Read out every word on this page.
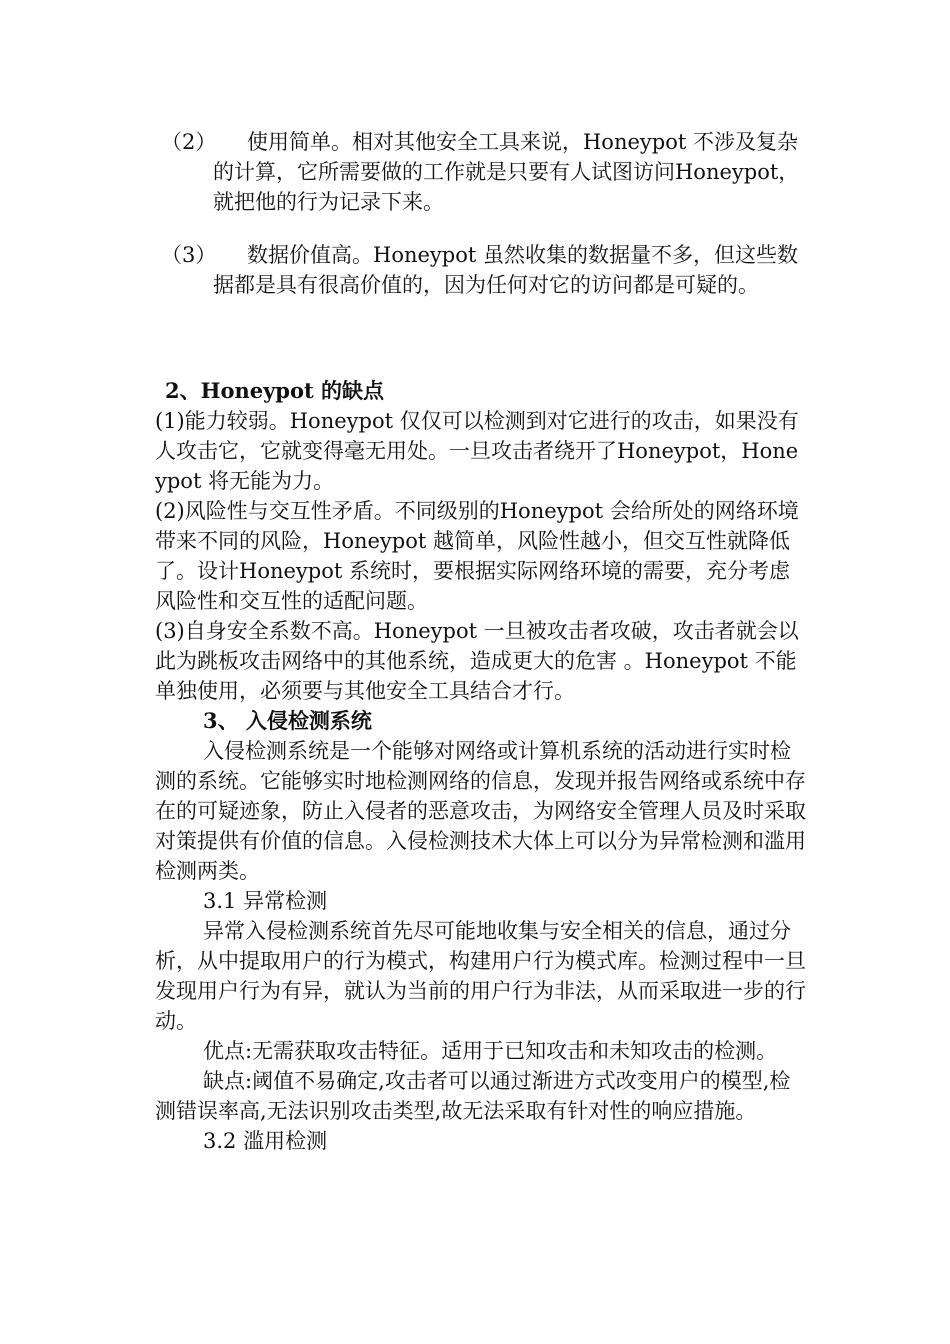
（2）	使用简单。相对其他安全工具来说，Honeypot 不涉及复杂的计算，它所需要做的工作就是只要有人试图访问Honeypot，就把他的行为记录下来。
（3）	数据价值高。Honeypot 虽然收集的数据量不多，但这些数据都是具有很高价值的，因为任何对它的访问都是可疑的。

2、Honeypot 的缺点

(1)能力较弱。Honeypot 仅仅可以检测到对它进行的攻击，如果没有人攻击它，它就变得毫无用处。一旦攻击者绕开了Honeypot，Honeypot 将无能为力。

(2)风险性与交互性矛盾。不同级别的Honeypot 会给所处的网络环境带来不同的风险，Honeypot 越简单，风险性越小，但交互性就降低了。设计Honeypot 系统时，要根据实际网络环境的需要，充分考虑风险性和交互性的适配问题。

(3)自身安全系数不高。Honeypot 一旦被攻击者攻破，攻击者就会以此为跳板攻击网络中的其他系统，造成更大的危害 。Honeypot 不能单独使用，必须要与其他安全工具结合才行。

3、 入侵检测系统

入侵检测系统是一个能够对网络或计算机系统的活动进行实时检测的系统。它能够实时地检测网络的信息，发现并报告网络或系统中存在的可疑迹象，防止入侵者的恶意攻击，为网络安全管理人员及时采取对策提供有价值的信息。入侵检测技术大体上可以分为异常检测和滥用检测两类。

3.1 异常检测

异常入侵检测系统首先尽可能地收集与安全相关的信息，通过分析，从中提取用户的行为模式，构建用户行为模式库。检测过程中一旦发现用户行为有异，就认为当前的用户行为非法，从而采取进一步的行动。

优点:无需获取攻击特征。适用于已知攻击和未知攻击的检测。

缺点:阈值不易确定,攻击者可以通过渐进方式改变用户的模型,检测错误率高,无法识别攻击类型,故无法采取有针对性的响应措施。

3.2 滥用检测
